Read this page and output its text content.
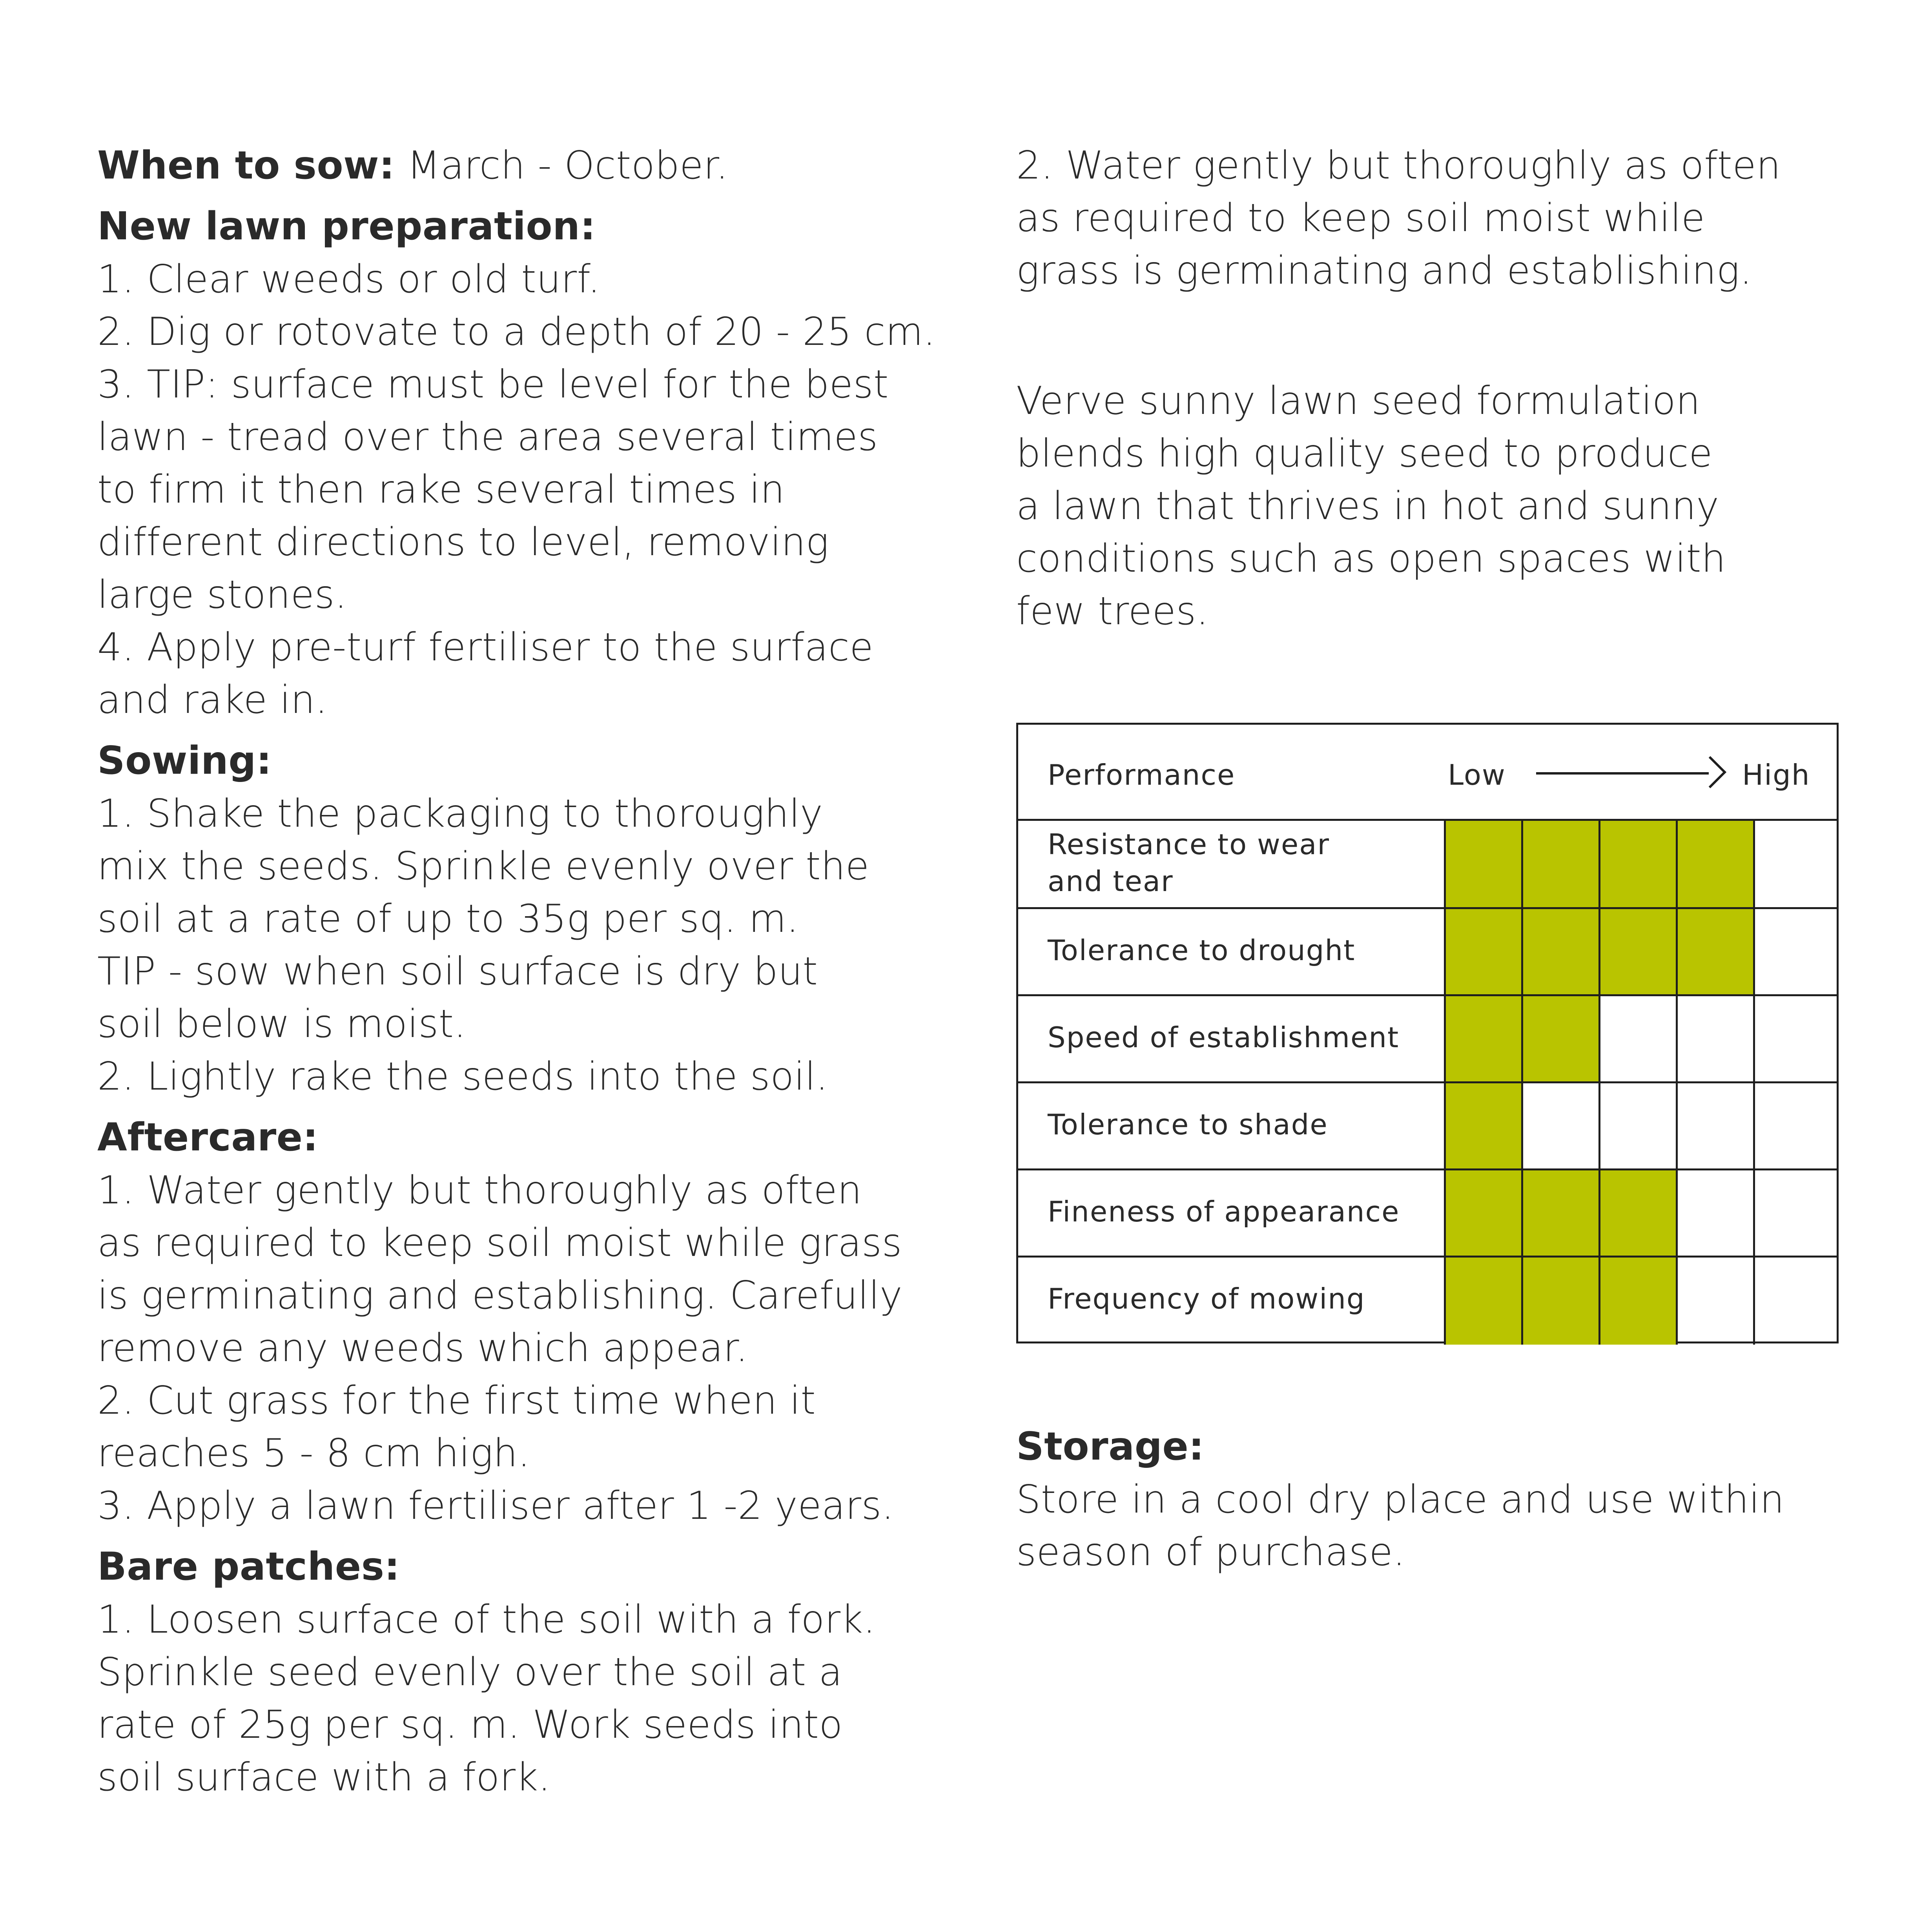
When to sow: March - October.
New lawn preparation:
1. Clear weeds or old turf.
2. Dig or rotovate to a depth of 20 - 25 cm.
3. TIP: surface must be level for the best
lawn - tread over the area several times
to firm it then rake several times in
different directions to level, removing
large stones.
4. Apply pre-turf fertiliser to the surface
and rake in.
Sowing:
1. Shake the packaging to thoroughly
mix the seeds. Sprinkle evenly over the
soil at a rate of up to 35g per sq. m.
TIP - sow when soil surface is dry but
soil below is moist.
2. Lightly rake the seeds into the soil.
Aftercare:
1. Water gently but thoroughly as often
as required to keep soil moist while grass
is germinating and establishing. Carefully
remove any weeds which appear.
2. Cut grass for the first time when it
reaches 5 - 8 cm high.
3. Apply a lawn fertiliser after 1 -2 years.
Bare patches:
1. Loosen surface of the soil with a fork.
Sprinkle seed evenly over the soil at a
rate of 25g per sq. m. Work seeds into
soil surface with a fork.
2. Water gently but thoroughly as often
as required to keep soil moist while
grass is germinating and establishing.
Verve sunny lawn seed formulation
blends high quality seed to produce
a lawn that thrives in hot and sunny
conditions such as open spaces with
few trees.
Storage:
Store in a cool dry place and use within
season of purchase.
Performance	Low	High
Resistance to wear
and tear
Tolerance to drought
Speed of establishment
Tolerance to shade
Fineness of appearance
Frequency of mowing
